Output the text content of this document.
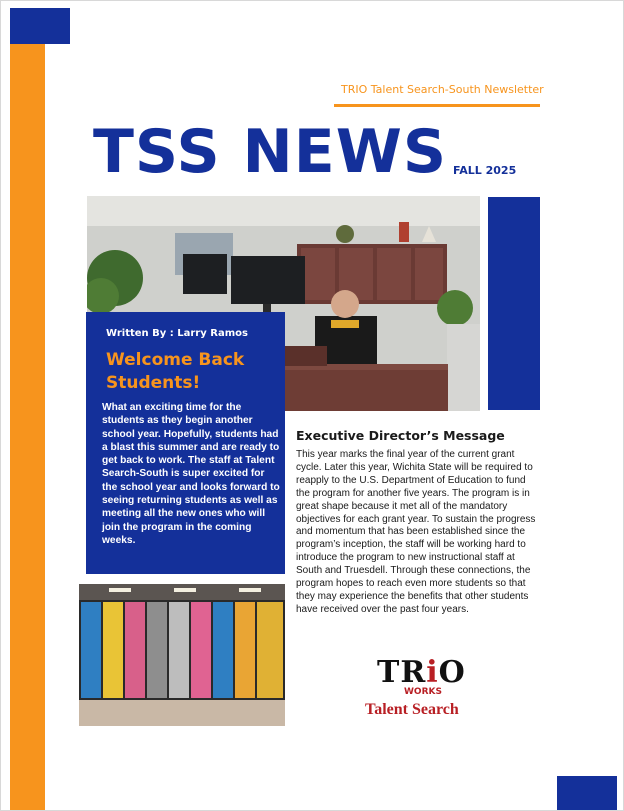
TRIO Talent Search-South Newsletter
TSS NEWS FALL 2025
Written By : Larry Ramos
Welcome Back Students!
What an exciting time for the students as they begin another school year. Hopefully, students had a blast this summer and are ready to get back to work. The staff at Talent Search-South is super excited for the school year and looks forward to seeing returning students as well as meeting all the new ones who will join the program in the coming weeks.
Executive Director’s Message
This year marks the final year of the current grant cycle. Later this year, Wichita State will be required to reapply to the U.S. Department of Education to fund the program for another five years. The program is in great shape because it met all of the mandatory objectives for each grant year. To sustain the progress and momentum that has been established since the program’s inception, the staff will be working hard to introduce the program to new instructional staff at South and Truesdell. Through these connections, the program hopes to reach even more students so that they may experience the benefits that other students have received over the past four years.
TRiO
WORKS
Talent Search
